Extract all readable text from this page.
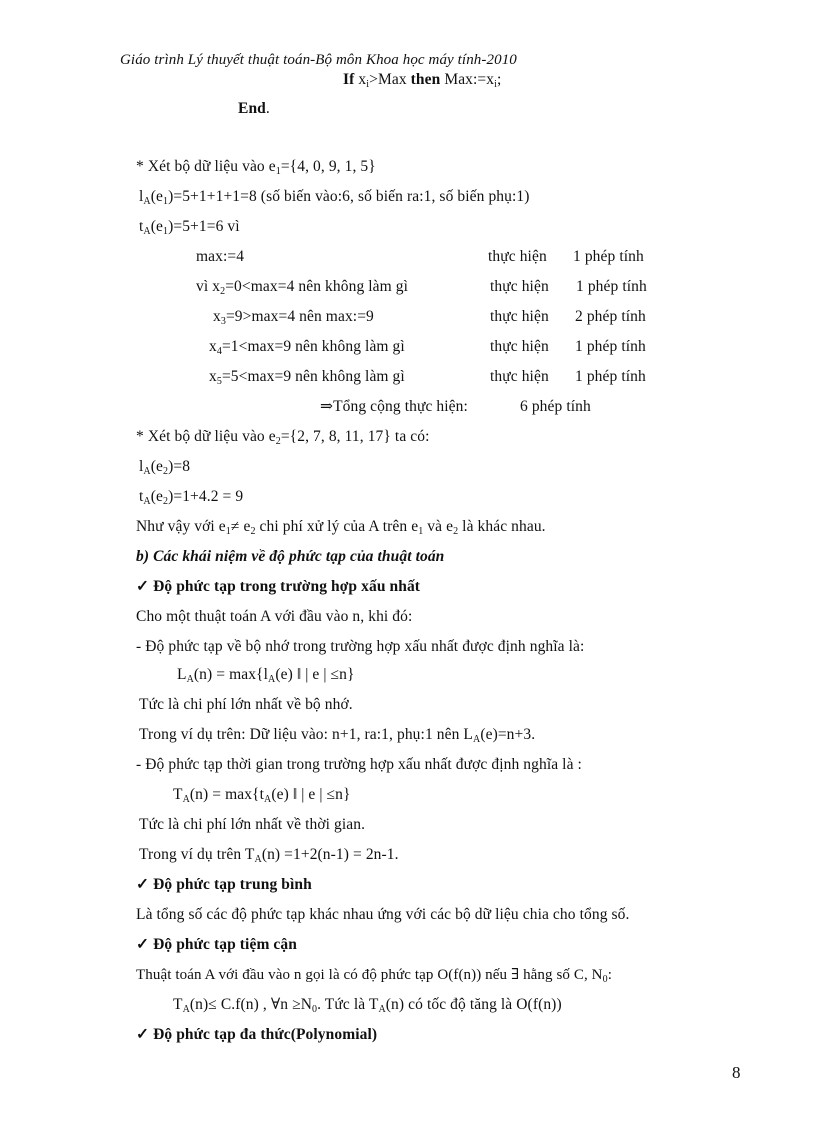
Giáo trình Lý thuyết thuật toán-Bộ môn Khoa học máy tính-2010
If $x_i>Max$ then $Max:=x_i$;
End.
* Xét bộ dữ liệu vào $e_1=\{4$, 0, 9, 1, 5}
$l_A(e_1)=5+1+1+1=8$ (số biến vào:6, số biến ra:1, số biến phụ:1)
$t_A(e_1)=5+1=6$ vì
max:=4	thực hiện 1 phép tính
vì $x_2=0<\max=4$ nên không làm gì	thực hiện 1 phép tính
$x_3=9>\max=4$ nên max:=9	thực hiện 2 phép tính
$x_4=1<\max=9$ nên không làm gì	thực hiện 1 phép tính
$x_5=5<\max=9$ nên không làm gì	thực hiện 1 phép tính
⇒Tổng cộng thực hiện:	6 phép tính
* Xét bộ dữ liệu vào $e_2=\{2$, 7, 8, 11, 17} ta có:
$l_A(e_2)=8$
$t_A(e_2)=1+4.2 = 9$
Như vậy với $e_1\ne e_2$ chi phí xử lý của A trên $e_1$ và $e_2$ là khác nhau.
b) Các khái niệm về độ phức tạp của thuật toán
✓ Độ phức tạp trong trường hợp xấu nhất
Cho một thuật toán A với đầu vào n, khi đó:
- Độ phức tạp về bộ nhớ trong trường hợp xấu nhất được định nghĩa là:
$L_A(n) = \max\{l_A(e)$ ‖ | e | ≤n}
Tức là chi phí lớn nhất về bộ nhớ.
Trong ví dụ trên: Dữ liệu vào: n+1, ra:1, phụ:1 nên $L_A(e)=n+3$.
- Độ phức tạp thời gian trong trường hợp xấu nhất được định nghĩa là :
$T_A(n) = \max\{t_A(e)$ ‖ | e | ≤n}
Tức là chi phí lớn nhất về thời gian.
Trong ví dụ trên $T_A(n) =1+2(n-1) = 2n-1$.
✓ Độ phức tạp trung bình
Là tổng số các độ phức tạp khác nhau ứng với các bộ dữ liệu chia cho tổng số.
✓ Độ phức tạp tiệm cận
Thuật toán A với đầu vào n gọi là có độ phức tạp O(f(n)) nếu ∃ hằng số C, $N_0$:
$T_A(n)\le C.f(n)$ , ∀n $\ge N_0$. Tức là $T_A(n)$ có tốc độ tăng là O(f(n))
✓ Độ phức tạp đa thức(Polynomial)
8
